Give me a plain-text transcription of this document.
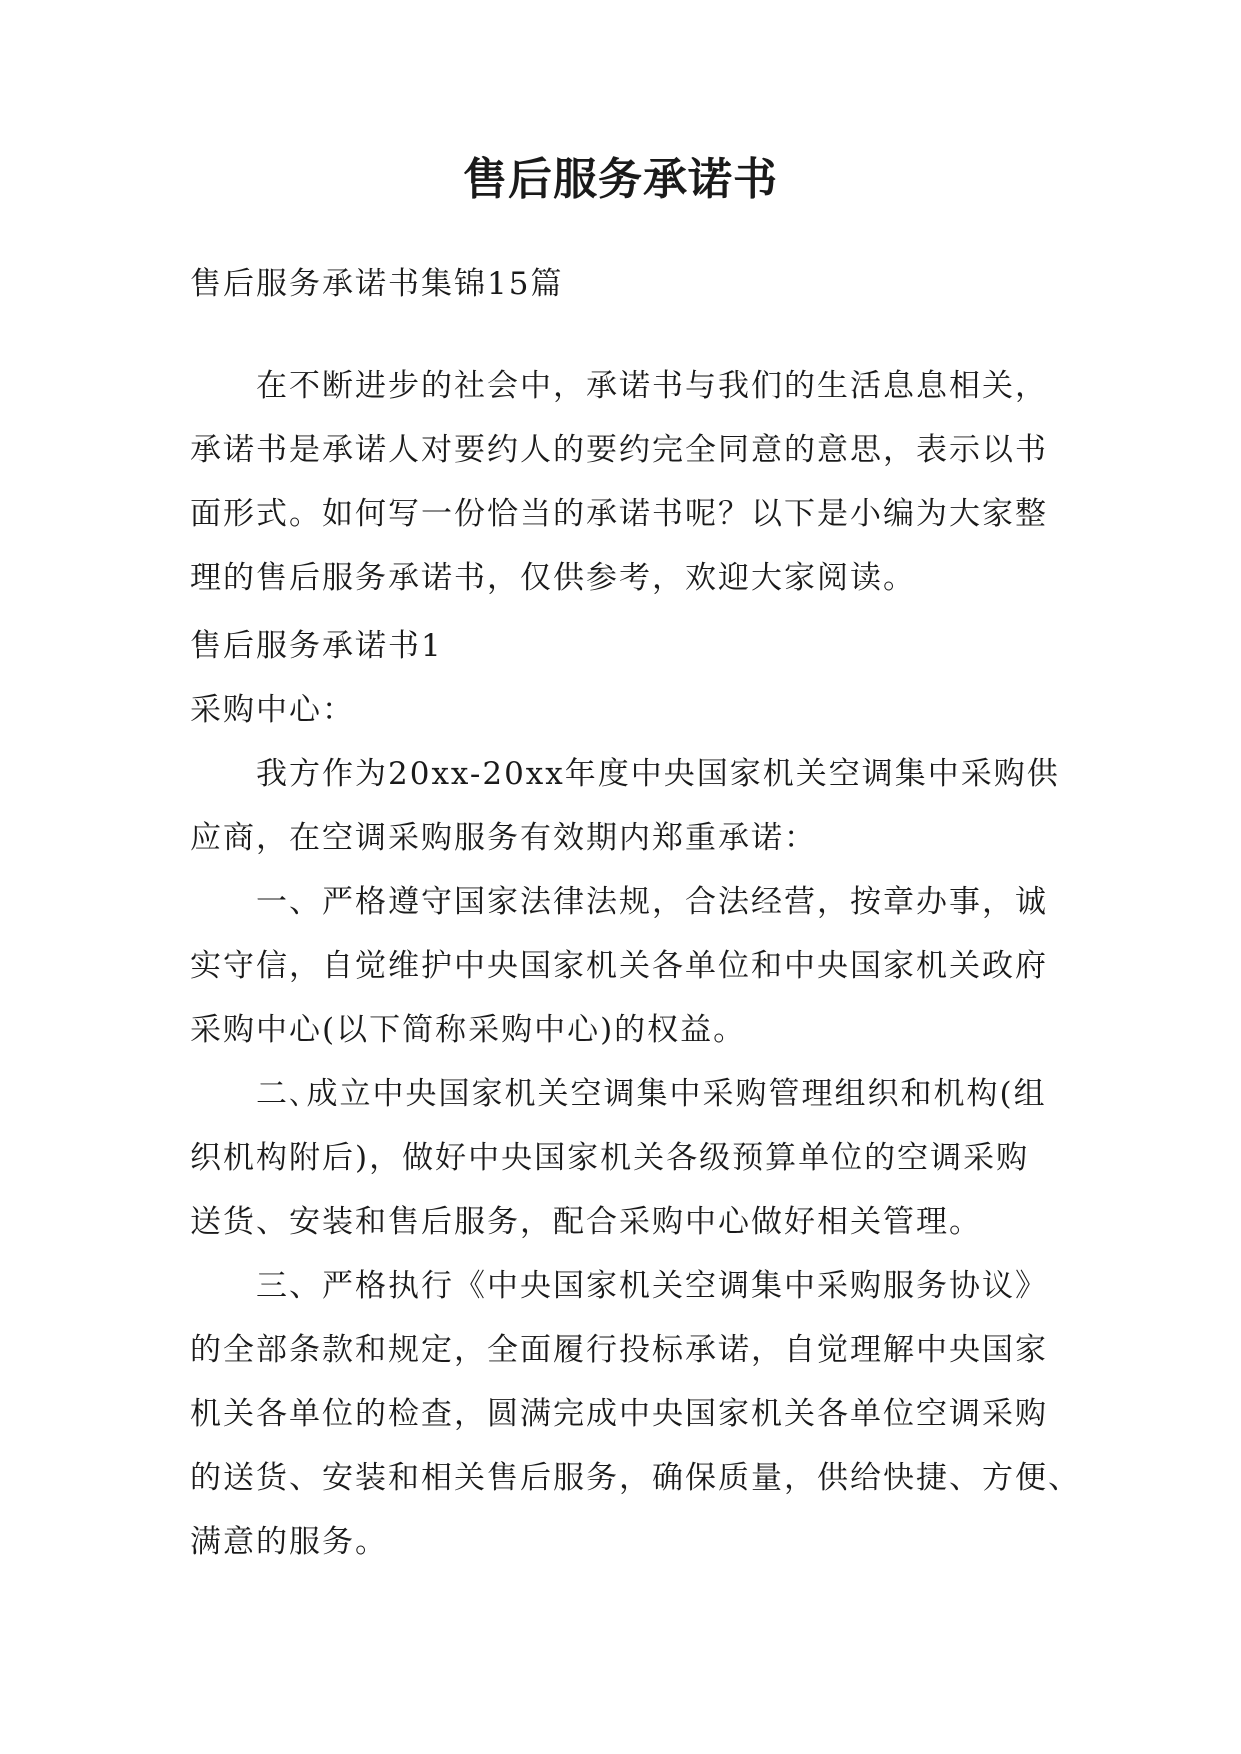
售后服务承诺书
售后服务承诺书集锦15篇
在不断进步的社会中，承诺书与我们的生活息息相关，
承诺书是承诺人对要约人的要约完全同意的意思，表示以书
面形式。如何写一份恰当的承诺书呢？以下是小编为大家整
理的售后服务承诺书，仅供参考，欢迎大家阅读。
售后服务承诺书1
采购中心：
我方作为20xx-20xx年度中央国家机关空调集中采购供
应商，在空调采购服务有效期内郑重承诺：
一、严格遵守国家法律法规，合法经营，按章办事，诚
实守信，自觉维护中央国家机关各单位和中央国家机关政府
采购中心(以下简称采购中心)的权益。
二､成立中央国家机关空调集中采购管理组织和机构(组
织机构附后)，做好中央国家机关各级预算单位的空调采购
送货、安装和售后服务，配合采购中心做好相关管理。
三、严格执行《中央国家机关空调集中采购服务协议》
的全部条款和规定，全面履行投标承诺，自觉理解中央国家
机关各单位的检查，圆满完成中央国家机关各单位空调采购
的送货、安装和相关售后服务，确保质量，供给快捷、方便、
满意的服务。
